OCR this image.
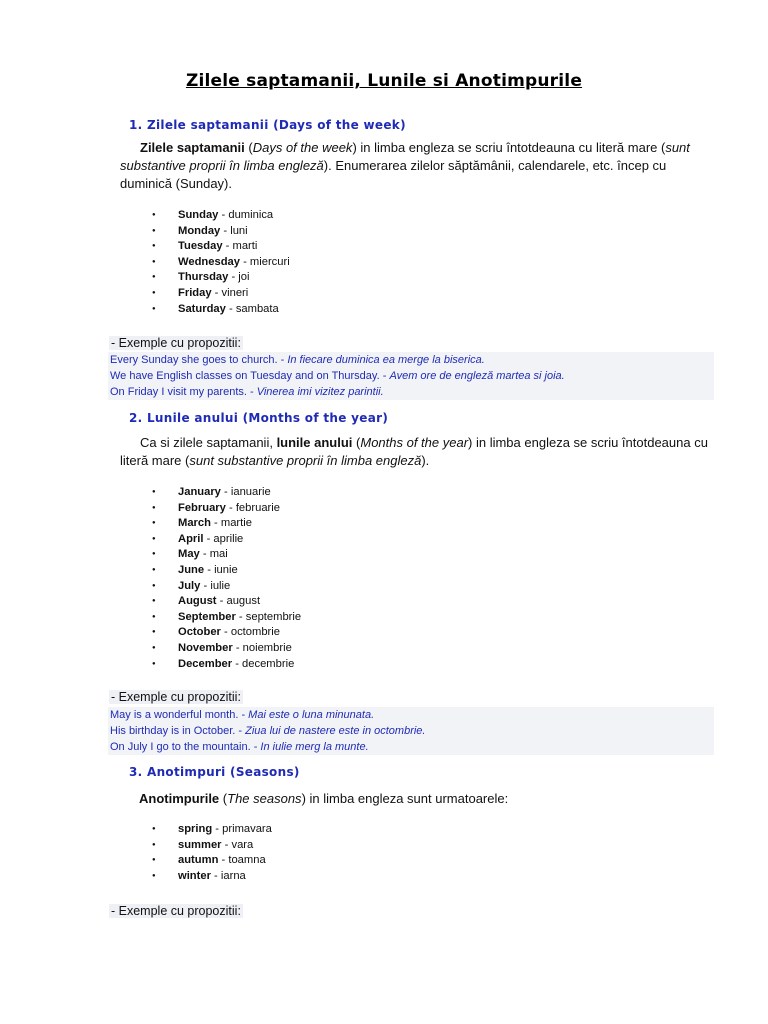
Zilele saptamanii, Lunile si Anotimpurile
1. Zilele saptamanii (Days of the week)
Zilele saptamanii (Days of the week) in limba engleza se scriu întotdeauna cu literă mare (sunt substantive proprii în limba engleză). Enumerarea zilelor săptămânii, calendarele, etc. încep cu duminică (Sunday).
● Sunday - duminica
● Monday - luni
● Tuesday - marti
● Wednesday - miercuri
● Thursday - joi
● Friday - vineri
● Saturday - sambata
- Exemple cu propozitii:
Every Sunday she goes to church. - In fiecare duminica ea merge la biserica.
We have English classes on Tuesday and on Thursday. - Avem ore de engleză martea si joia.
On Friday I visit my parents. - Vinerea imi vizitez parintii.
2. Lunile anului (Months of the year)
Ca si zilele saptamanii, lunile anului (Months of the year) in limba engleza se scriu întotdeauna cu literă mare (sunt substantive proprii în limba engleză).
● January - ianuarie
● February - februarie
● March - martie
● April - aprilie
● May - mai
● June - iunie
● July - iulie
● August - august
● September - septembrie
● October - octombrie
● November - noiembrie
● December - decembrie
- Exemple cu propozitii:
May is a wonderful month. - Mai este o luna minunata.
His birthday is in October. - Ziua lui de nastere este in octombrie.
On July I go to the mountain. - In iulie merg la munte.
3. Anotimpuri (Seasons)
Anotimpurile (The seasons) in limba engleza sunt urmatoarele:
● spring - primavara
● summer - vara
● autumn - toamna
● winter - iarna
- Exemple cu propozitii:
